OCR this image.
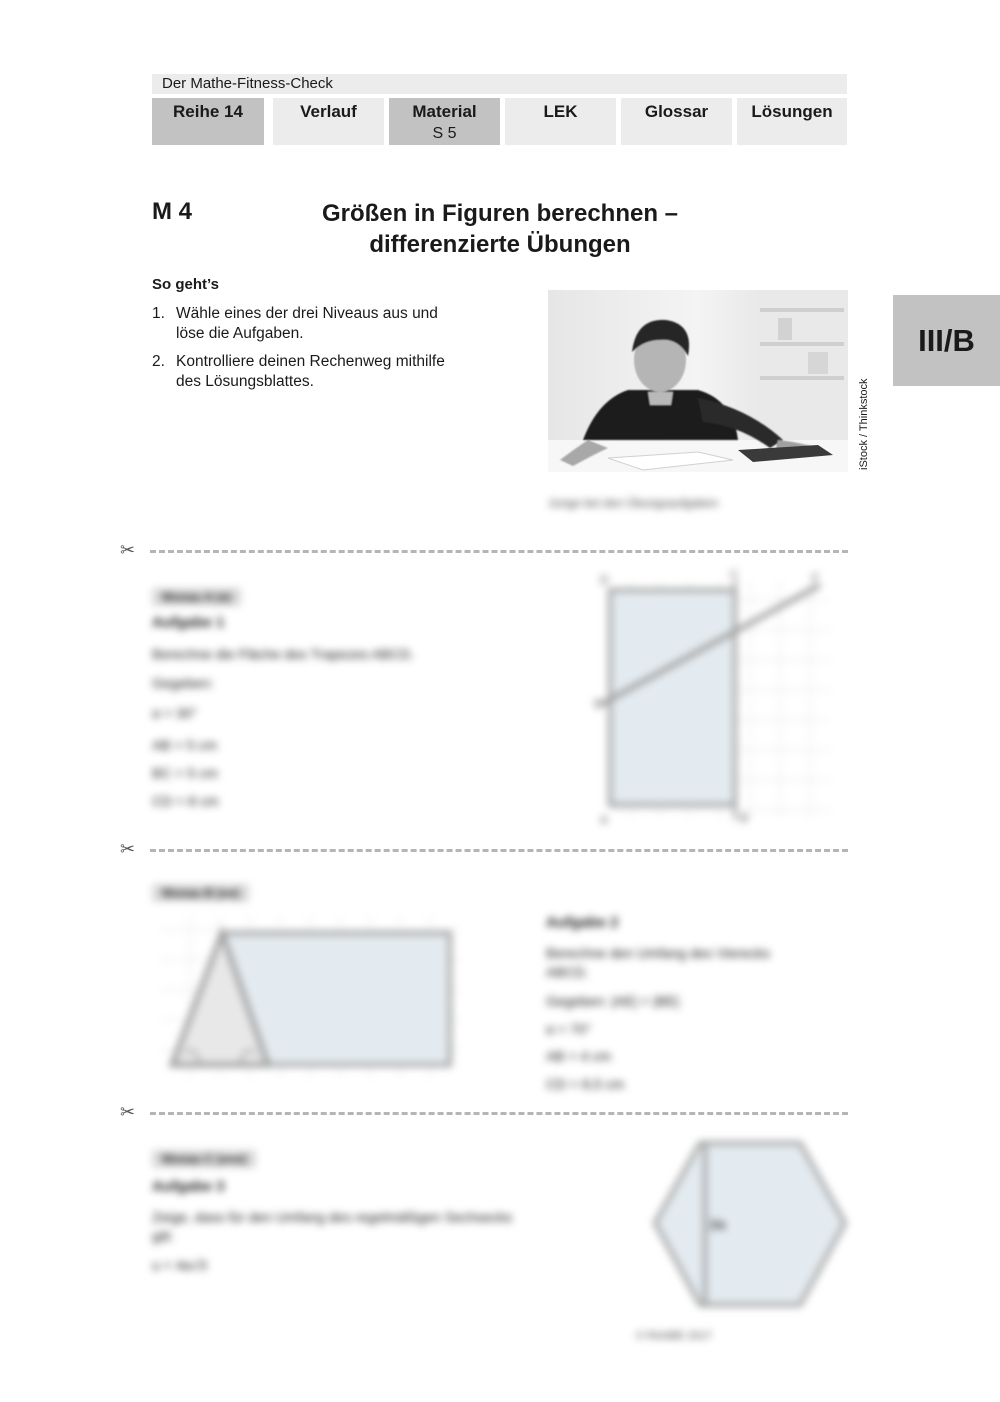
Der Mathe-Fitness-Check
Reihe 14	Verlauf	Material
S 5
LEK	Glossar	Lösungen
M 4	Größen in Figuren berechnen –
differenzierte Übungen
III/B
So geht’s
1. Wähle eines der drei Niveaus aus und löse die Aufgaben.
2. Kontrolliere deinen Rechenweg mithilfe des Lösungsblattes.	iStock / Thinkstock
Junge bei den Übungsaufgaben
✂
Niveau A (●)
Aufgabe 1
Berechne die Fläche des Trapezes ABCD.
Gegeben:
α = 30°
AB = 5 cm
BC = 5 cm
CD = 8 cm
D	C	F
B
A
E
✂
Niveau B (●●)
Aufgabe 2
Berechne den Umfang des Vierecks ABCD.
Gegeben: |AE| = |BE|
α = 70°
AB = 4 cm
CD = 8,5 cm
✂
Niveau C (●●●)
Aufgabe 3
Zeige, dass für den Umfang des regelmäßigen Sechsecks gilt:
u = 4a√3
2a
© RAABE 2017
